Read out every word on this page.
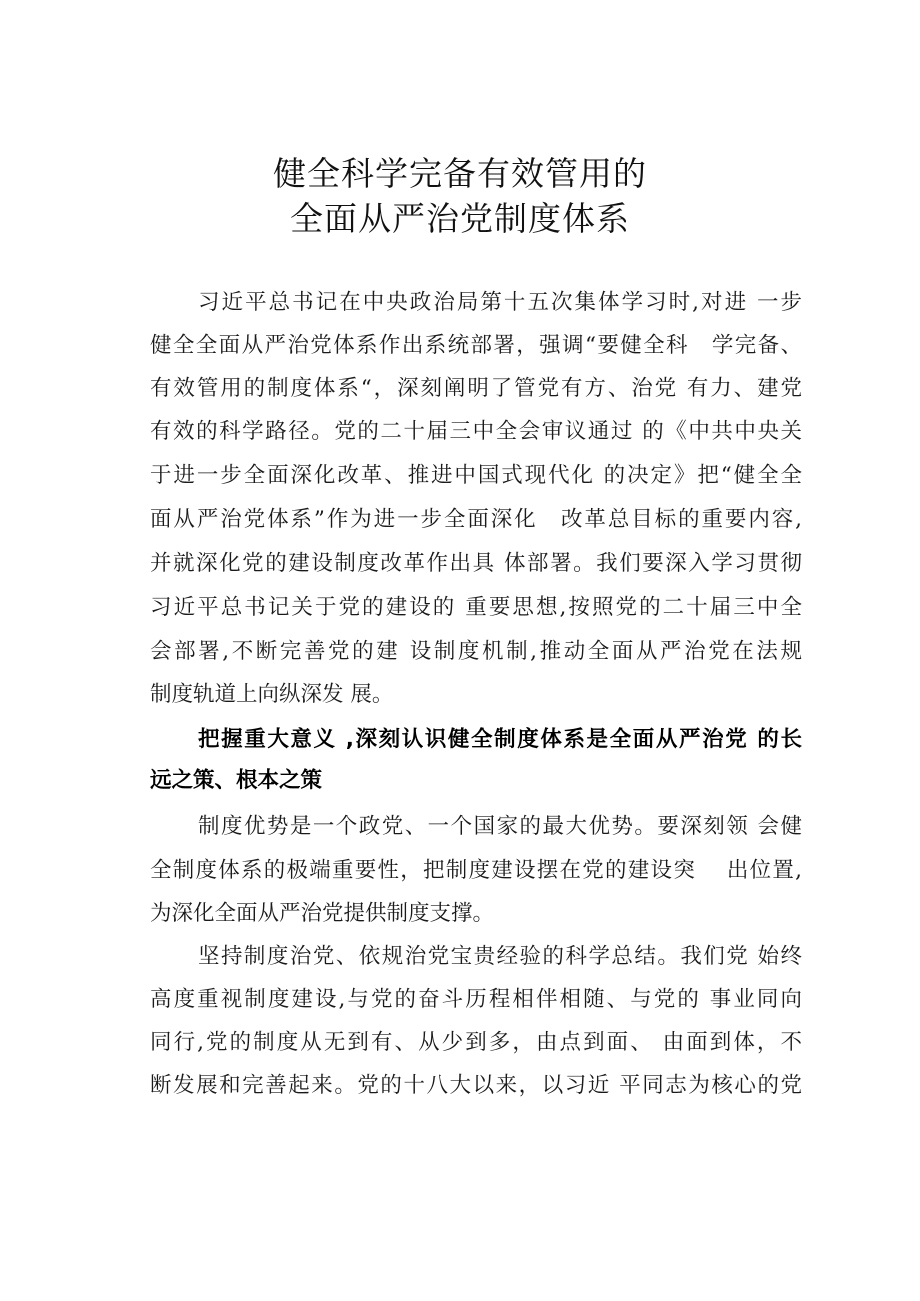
健全科学完备有效管用的
全面从严治党制度体系
习近平总书记在中央政治局第十五次集体学习时,对进 一步
健全全面从严治党体系作出系统部署，强调“要健全科　学完备、
有效管用的制度体系“，深刻阐明了管党有方、治党 有力、建党
有效的科学路径。党的二十届三中全会审议通过 的《中共中央关
于进一步全面深化改革、推进中国式现代化 的决定》把“健全全
面从严治党体系”作为进一步全面深化　改革总目标的重要内容,
并就深化党的建设制度改革作出具 体部署。我们要深入学习贯彻
习近平总书记关于党的建设的 重要思想,按照党的二十届三中全
会部署,不断完善党的建 设制度机制,推动全面从严治党在法规
制度轨道上向纵深发 展。
把握重大意义 ,深刻认识健全制度体系是全面从严治党 的长
远之策、根本之策
制度优势是一个政党、一个国家的最大优势。要深刻领 会健
全制度体系的极端重要性，把制度建设摆在党的建设突　 出位置,
为深化全面从严治党提供制度支撑。
坚持制度治党、依规治党宝贵经验的科学总结。我们党 始终
高度重视制度建设,与党的奋斗历程相伴相随、与党的 事业同向
同行,党的制度从无到有、从少到多，由点到面、 由面到体，不
断发展和完善起来。党的十八大以来，以习近 平同志为核心的党
